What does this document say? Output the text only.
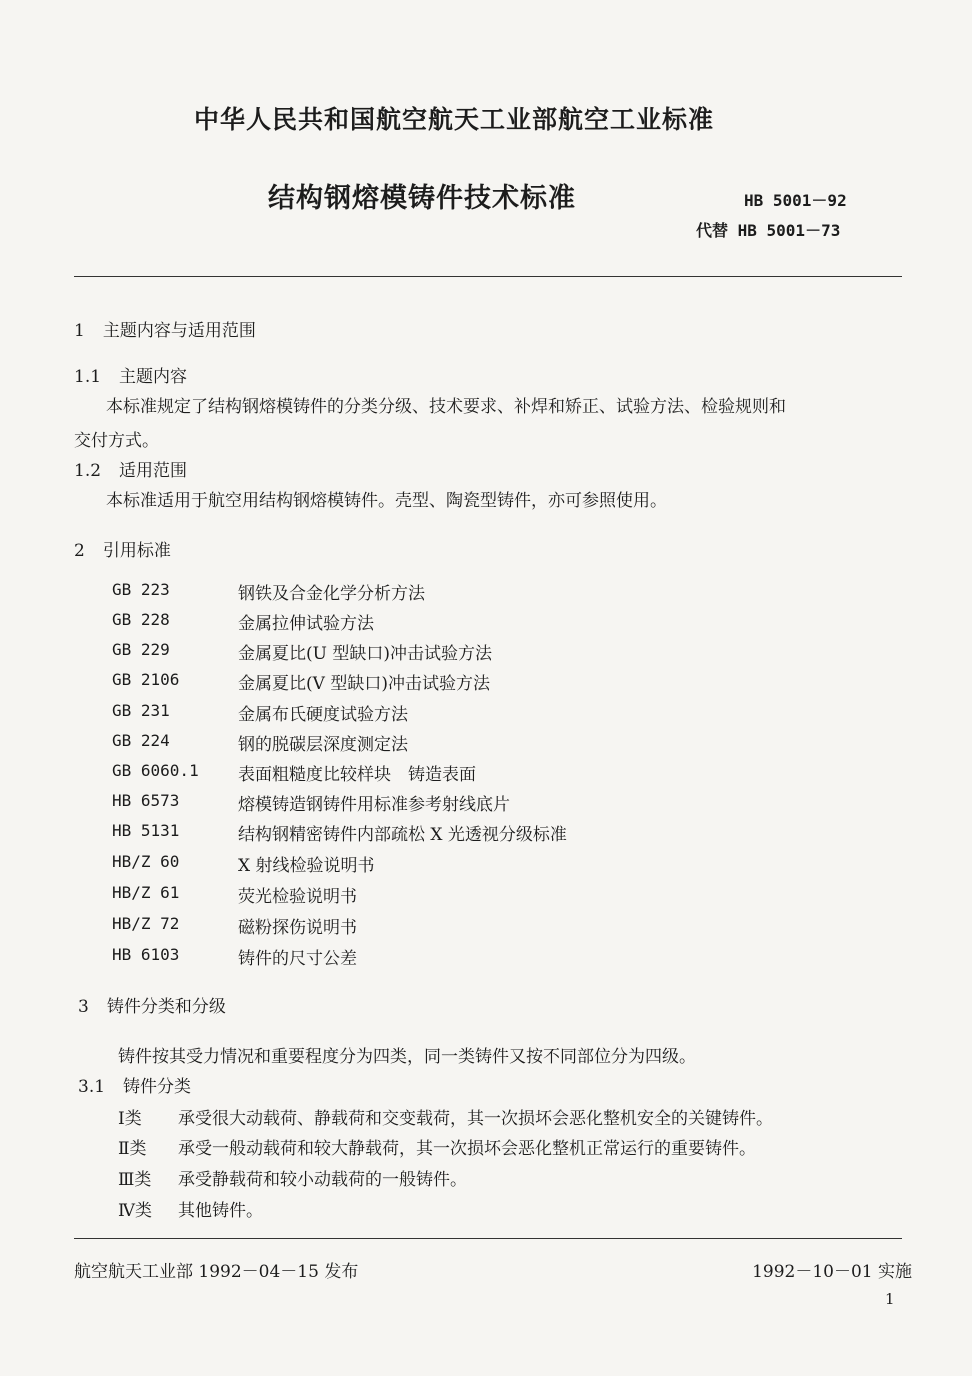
中华人民共和国航空航天工业部航空工业标准
结构钢熔模铸件技术标准	HB 5001－92
代替 HB 5001－73
1 主题内容与适用范围
1.1 主题内容
本标准规定了结构钢熔模铸件的分类分级、技术要求、补焊和矫正、试验方法、检验规则和
交付方式。
1.2 适用范围
本标准适用于航空用结构钢熔模铸件。壳型、陶瓷型铸件，亦可参照使用。
2 引用标准
GB 223	钢铁及合金化学分析方法
GB 228	金属拉伸试验方法
GB 229	金属夏比(U 型缺口)冲击试验方法
GB 2106	金属夏比(V 型缺口)冲击试验方法
GB 231	金属布氏硬度试验方法
GB 224	钢的脱碳层深度测定法
GB 6060.1 表面粗糙度比较样块　铸造表面
HB 6573	熔模铸造钢铸件用标准参考射线底片
HB 5131	结构钢精密铸件内部疏松 X 光透视分级标准
HB/Z 60	X 射线检验说明书
HB/Z 61	荧光检验说明书
HB/Z 72	磁粉探伤说明书
HB 6103	铸件的尺寸公差
3 铸件分类和分级
铸件按其受力情况和重要程度分为四类，同一类铸件又按不同部位分为四级。
3.1 铸件分类
Ⅰ类 承受很大动载荷、静载荷和交变载荷，其一次损坏会恶化整机安全的关键铸件。
Ⅱ类 承受一般动载荷和较大静载荷，其一次损坏会恶化整机正常运行的重要铸件。
Ⅲ类 承受静载荷和较小动载荷的一般铸件。
Ⅳ类 其他铸件。
航空航天工业部 1992－04－15 发布	1992－10－01 实施
1
